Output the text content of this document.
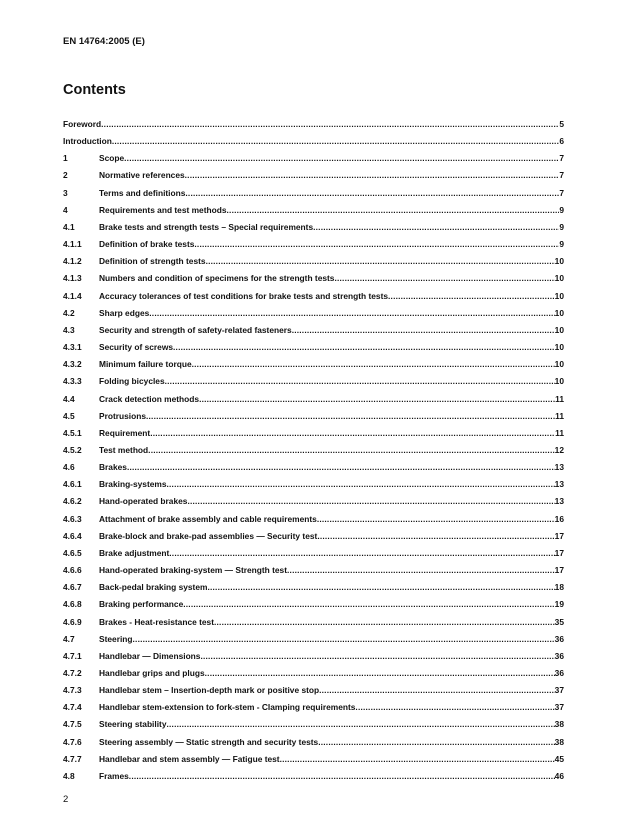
EN 14764:2005 (E)
Contents
Foreword .....	5
Introduction .....	6
1	Scope .....	7
2	Normative references .....	7
3	Terms and definitions .....	7
4	Requirements and test methods .....	9
4.1	Brake tests and strength tests – Special requirements .....	9
4.1.1	Definition of brake tests .....	9
4.1.2	Definition of strength tests .....	10
4.1.3	Numbers and condition of specimens for the strength tests .....	10
4.1.4	Accuracy tolerances of test conditions for brake tests and strength tests .....	10
4.2	Sharp edges .....	10
4.3	Security and strength of safety-related fasteners .....	10
4.3.1	Security of screws .....	10
4.3.2	Minimum failure torque .....	10
4.3.3	Folding bicycles .....	10
4.4	Crack detection methods .....	11
4.5	Protrusions .....	11
4.5.1	Requirement .....	11
4.5.2	Test method .....	12
4.6	Brakes .....	13
4.6.1	Braking-systems .....	13
4.6.2	Hand-operated brakes .....	13
4.6.3	Attachment of brake assembly and cable requirements .....	16
4.6.4	Brake-block and brake-pad assemblies — Security test .....	17
4.6.5	Brake adjustment .....	17
4.6.6	Hand-operated braking-system — Strength test .....	17
4.6.7	Back-pedal braking system .....	18
4.6.8	Braking performance .....	19
4.6.9	Brakes - Heat-resistance test .....	35
4.7	Steering .....	36
4.7.1	Handlebar — Dimensions .....	36
4.7.2	Handlebar grips and plugs .....	36
4.7.3	Handlebar stem – Insertion-depth mark or positive stop .....	37
4.7.4	Handlebar stem-extension to fork-stem - Clamping requirements .....	37
4.7.5	Steering stability .....	38
4.7.6	Steering assembly — Static strength and security tests .....	38
4.7.7	Handlebar and stem assembly — Fatigue test .....	45
4.8	Frames .....	46
2
